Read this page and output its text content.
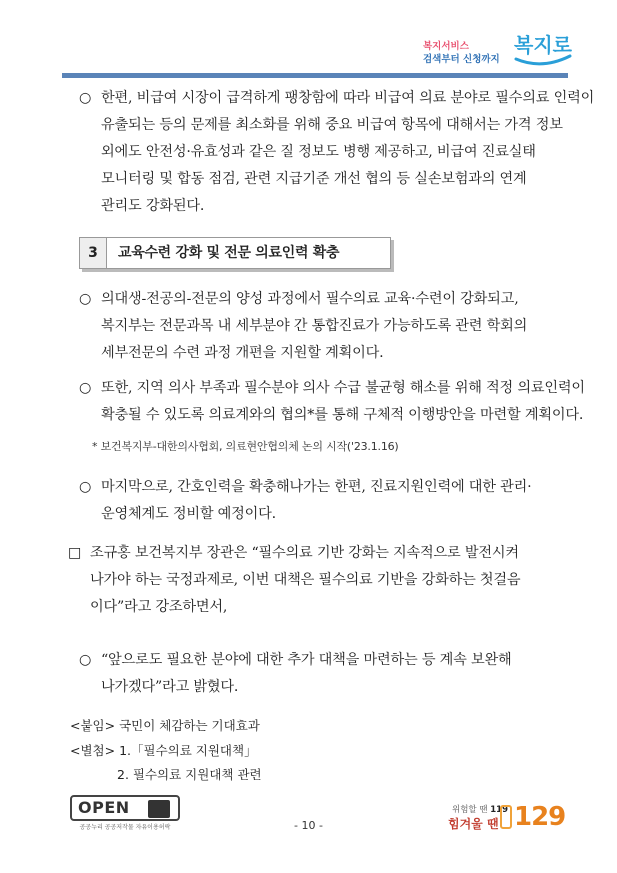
복지서비스
검색부터 신청까지
복지로
○ 한편, 비급여 시장이 급격하게 팽창함에 따라 비급여 의료 분야로 필수의료 인력이
유출되는 등의 문제를 최소화를 위해 중요 비급여 항목에 대해서는 가격 정보
외에도 안전성·유효성과 같은 질 정보도 병행 제공하고, 비급여 진료실태
모니터링 및 합동 점검, 관련 지급기준 개선 협의 등 실손보험과의 연계
관리도 강화된다.
3	교육수련 강화 및 전문 의료인력 확충
○ 의대생-전공의-전문의 양성 과정에서 필수의료 교육·수련이 강화되고,
복지부는 전문과목 내 세부분야 간 통합진료가 가능하도록 관련 학회의
세부전문의 수련 과정 개편을 지원할 계획이다.
○ 또한, 지역 의사 부족과 필수분야 의사 수급 불균형 해소를 위해 적정 의료인력이
확충될 수 있도록 의료계와의 협의*를 통해 구체적 이행방안을 마련할 계획이다.
* 보건복지부-대한의사협회, 의료현안협의체 논의 시작('23.1.16)
○ 마지막으로, 간호인력을 확충해나가는 한편, 진료지원인력에 대한 관리·
운영체계도 정비할 예정이다.
□ 조규홍 보건복지부 장관은 “필수의료 기반 강화는 지속적으로 발전시켜
나가야 하는 국정과제로, 이번 대책은 필수의료 기반을 강화하는 첫걸음
이다”라고 강조하면서,
○ “앞으로도 필요한 분야에 대한 추가 대책을 마련하는 등 계속 보완해
나가겠다”라고 밝혔다.
<붙임> 국민이 체감하는 기대효과
<별첨> 1.「필수의료 지원대책」
2. 필수의료 지원대책 관련
OPEN
공공누리 공공저작물 자유이용허락	- 10 -
위험할 땐 119
힘겨울 땐 129
